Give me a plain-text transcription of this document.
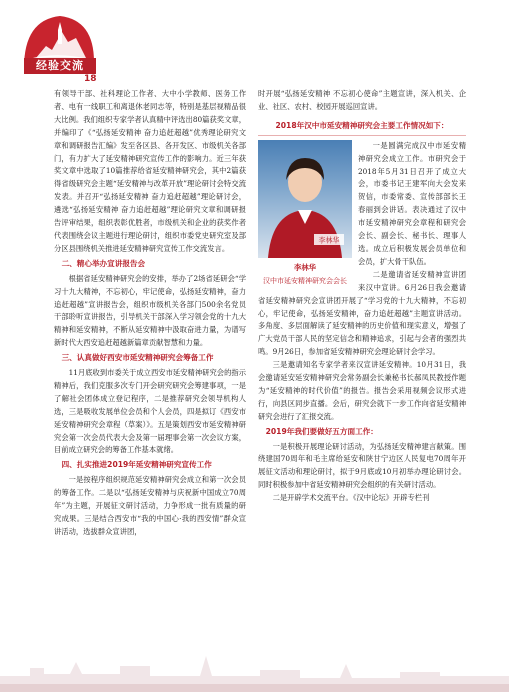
经验交流
18

有领导干部、社科理论工作者、大中小学教师、医务工作者、电有一线职工和离退休老同志等，特别是基层视精品很大比例。我们组织专家学者认真精中评选出80篇获奖文章，并编印了《“弘扬延安精神 奋力追赶超越”优秀理论研究文章和调研报告汇编》发至各区县、各开发区、市级机关各部门，有力扩大了延安精神研究宣传工作的影响力。近三年获奖文章中选取了10篇推荐给省延安精神研究会，其中2篇获得省级研究会主题“延安精神与改革开放”理论研讨会特交流发表。并召开“弘扬延安精神 奋力追赶超越”理论研讨会，遴选“弘扬延安精神 奋力追赶超越”理论研究文章和调研报告评审结果，组织表彰优胜者，市级机关和企业的获奖作者代表围绕会议主题进行理论研讨，组织市委党史研究室及部分区县围绕机关推进延安精神研究宣传工作交流发言。

二、精心举办宣讲报告会

根据省延安精神研究会的安排，举办了2场省延研会“学习十九大精神，不忘初心，牢记使命，弘扬延安精神，奋力追赶超越”宣讲报告会，组织市级机关各部门500余名党员干部聆听宣讲报告，引导机关干部深入学习领会党的十九大精神和延安精神，不断从延安精神中汲取奋进力量，为谱写新时代大西安追赶超越新篇章贡献智慧和力量。

三、认真做好西安市延安精神研究会筹备工作

11月底收到市委关于成立西安市延安精神研究会的指示精神后，我们克服多次专门开会研究研究会筹建事项，一是了解社会团体成立登记程序，二是推荐研究会领导机构人选，三是吸收发展单位会员和个人会员，四是拟订《西安市延安精神研究会章程（草案）》。五是策划西安市延安精神研究会第一次会员代表大会及第一届理事会第一次会议方案，目前成立研究会的筹备工作基本就绪。

四、扎实推进2019年延安精神研究宣传工作

一是按程序组织规范延安精神研究会成立和第一次会员的筹备工作。二是以“弘扬延安精神与庆祝新中国成立70周年”为主题，开展征文研讨活动，力争形成一批有质量的研究成果。三是结合西安市“我的中国心·我的西安情”群众宣讲活动，选拔群众宣讲团，

时开展“弘扬延安精神 不忘初心使命”主题宣讲，深入机关、企业、社区、农村、校园开展巡回宣讲。

2018年汉中市延安精神研究会主要工作情况如下：
李林华
李林华
汉中市延安精神研究会会长

一是圆满完成汉中市延安精神研究会成立工作。市研究会于2018年5月31日召开了成立大会，市委书记王建军向大会发来贺信，市委常委、宣传部部长王春丽到会讲话。表决通过了汉中市延安精神研究会章程和研究会会长、副会长、秘书长、理事人选。成立后积极发展会员单位和会员，扩大骨干队伍。

二是邀请省延安精神宣讲团来汉中宣讲。6月26日我会邀请省延安精神研究会宣讲团开展了“学习党的十九大精神，不忘初心，牢记使命，弘扬延安精神，奋力追赶超越”主题宣讲活动。多角度、多层面解读了延安精神的历史价值和现实意义，增强了广大党员干部人民的坚定信念和精神追求，引起与会者的强烈共鸣。9月26日，参加省延安精神研究会理论研讨会学习。

三是邀请知名专家学者来汉宣讲延安精神。10月31日，我会邀请延安延安精神研究会常务副会长兼秘书长郝凤民教授作题为“延安精神的时代价值”的报告。报告会采用视频会议形式进行，向县区同步直播。会后，研究会就下一步工作向省延安精神研究会进行了汇报交流。

2019年我们要做好五方面工作：

一是积极开展理论研讨活动，为弘扬延安精神建言献策。围绕建国70周年和毛主席给延安和陕甘宁边区人民复电70周年开展征文活动和理论研讨，拟于9月底或10月初举办理论研讨会。同时积极参加中省延安精神研究会组织的有关研讨活动。

二是开辟学术交流平台。《汉中论坛》开辟专栏刊
